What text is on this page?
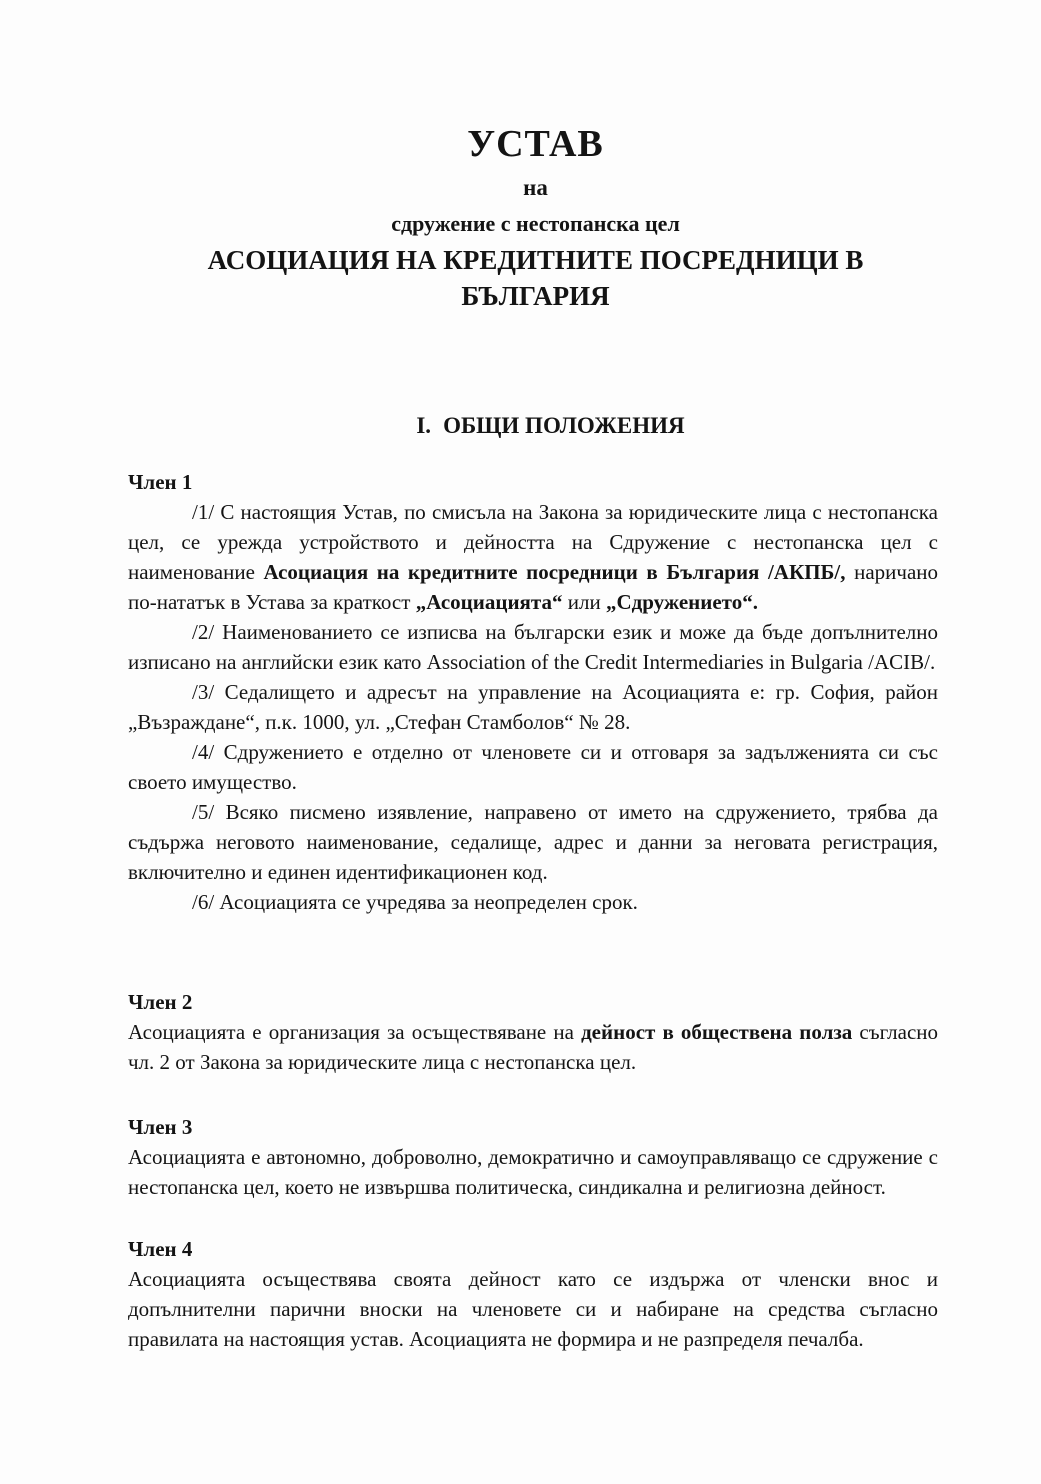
УСТАВ
на
сдружение с нестопанска цел
АСОЦИАЦИЯ НА КРЕДИТНИТЕ ПОСРЕДНИЦИ В БЪЛГАРИЯ
I. ОБЩИ ПОЛОЖЕНИЯ
Член 1

/1/ С настоящия Устав, по смисъла на Закона за юридическите лица с нестопанска цел, се урежда устройството и дейността на Сдружение с нестопанска цел с наименование Асоциация на кредитните посредници в България /АКПБ/, наричано по-нататък в Устава за краткост „Асоциацията“ или „Сдружението“.

/2/ Наименованието се изписва на български език и може да бъде допълнително изписано на английски език като Association of the Credit Intermediaries in Bulgaria /ACIB/.

/3/ Седалището и адресът на управление на Асоциацията е: гр. София, район „Възраждане“, п.к. 1000, ул. „Стефан Стамболов“ № 28.

/4/ Сдружението е отделно от членовете си и отговаря за задълженията си със своето имущество.

/5/ Всяко писмено изявление, направено от името на сдружението, трябва да съдържа неговото наименование, седалище, адрес и данни за неговата регистрация, включително и единен идентификационен код.

/6/ Асоциацията се учредява за неопределен срок.

Член 2

Асоциацията е организация за осъществяване на дейност в обществена полза съгласно чл. 2 от Закона за юридическите лица с нестопанска цел.

Член 3

Асоциацията е автономно, доброволно, демократично и самоуправляващо се сдружение с нестопанска цел, което не извършва политическа, синдикална и религиозна дейност.

Член 4

Асоциацията осъществява своята дейност като се издържа от членски внос и допълнителни парични вноски на членовете си и набиране на средства съгласно правилата на настоящия устав. Асоциацията не формира и не разпределя печалба.
